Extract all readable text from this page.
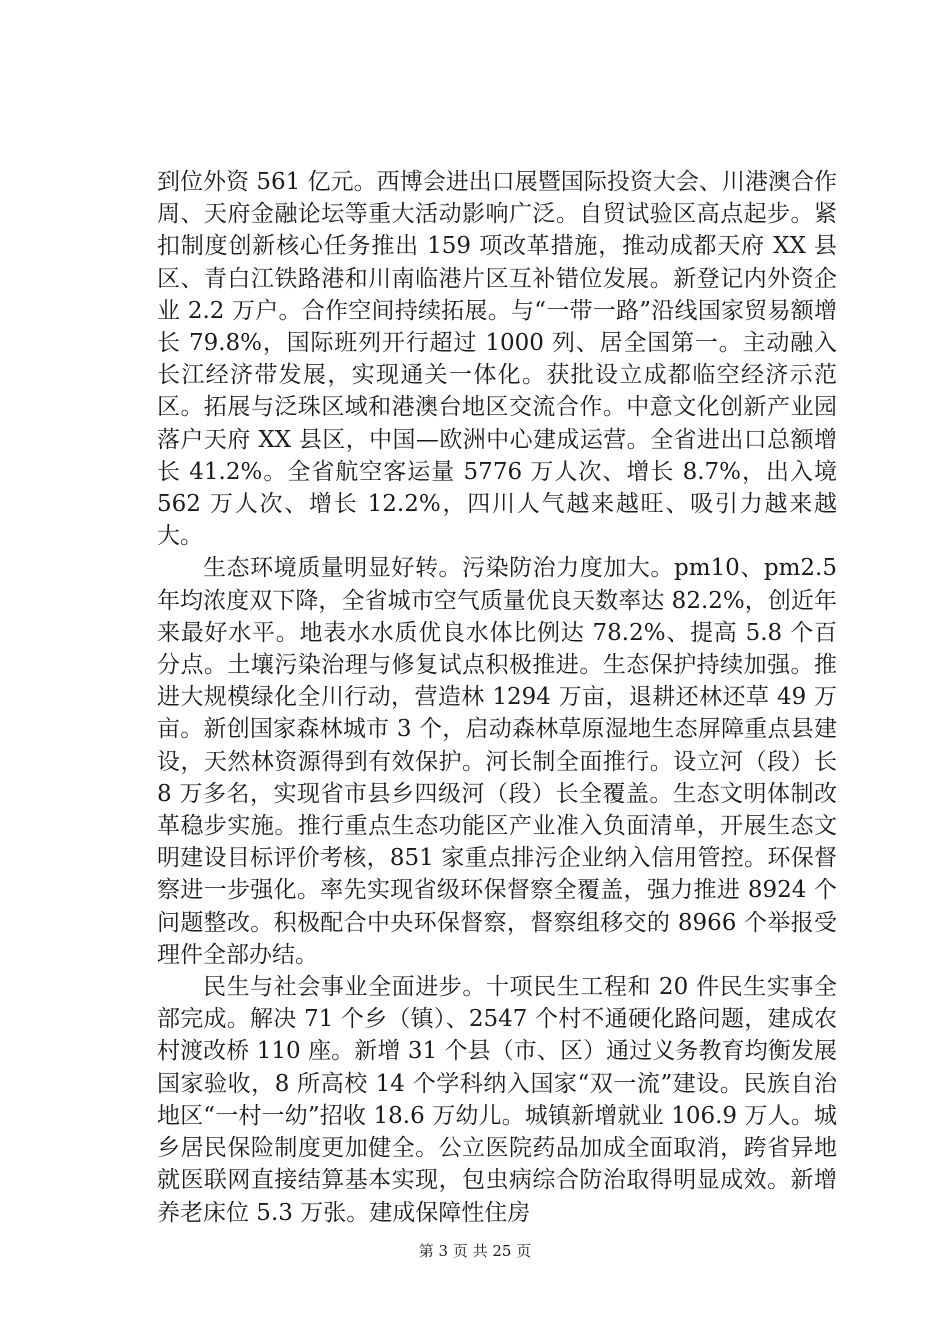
到位外资 561 亿元。西博会进出口展暨国际投资大会、川港澳合作周、天府金融论坛等重大活动影响广泛。自贸试验区高点起步。紧扣制度创新核心任务推出 159 项改革措施，推动成都天府 XX 县区、青白江铁路港和川南临港片区互补错位发展。新登记内外资企业 2.2 万户。合作空间持续拓展。与“一带一路”沿线国家贸易额增长 79.8%，国际班列开行超过 1000 列、居全国第一。主动融入长江经济带发展，实现通关一体化。获批设立成都临空经济示范区。拓展与泛珠区域和港澳台地区交流合作。中意文化创新产业园落户天府 XX 县区，中国—欧洲中心建成运营。全省进出口总额增长 41.2%。全省航空客运量 5776 万人次、增长 8.7%，出入境 562 万人次、增长 12.2%，四川人气越来越旺、吸引力越来越大。

生态环境质量明显好转。污染防治力度加大。pm10、pm2.5 年均浓度双下降，全省城市空气质量优良天数率达 82.2%，创近年来最好水平。地表水水质优良水体比例达 78.2%、提高 5.8 个百分点。土壤污染治理与修复试点积极推进。生态保护持续加强。推进大规模绿化全川行动，营造林 1294 万亩，退耕还林还草 49 万亩。新创国家森林城市 3 个，启动森林草原湿地生态屏障重点县建设，天然林资源得到有效保护。河长制全面推行。设立河（段）长 8 万多名，实现省市县乡四级河（段）长全覆盖。生态文明体制改革稳步实施。推行重点生态功能区产业准入负面清单，开展生态文明建设目标评价考核，851 家重点排污企业纳入信用管控。环保督察进一步强化。率先实现省级环保督察全覆盖，强力推进 8924 个问题整改。积极配合中央环保督察，督察组移交的 8966 个举报受理件全部办结。

民生与社会事业全面进步。十项民生工程和 20 件民生实事全部完成。解决 71 个乡（镇）、2547 个村不通硬化路问题，建成农村渡改桥 110 座。新增 31 个县（市、区）通过义务教育均衡发展国家验收，8 所高校 14 个学科纳入国家“双一流”建设。民族自治地区“一村一幼”招收 18.6 万幼儿。城镇新增就业 106.9 万人。城乡居民保险制度更加健全。公立医院药品加成全面取消，跨省异地就医联网直接结算基本实现，包虫病综合防治取得明显成效。新增养老床位 5.3 万张。建成保障性住房

第 3 页 共 25 页
